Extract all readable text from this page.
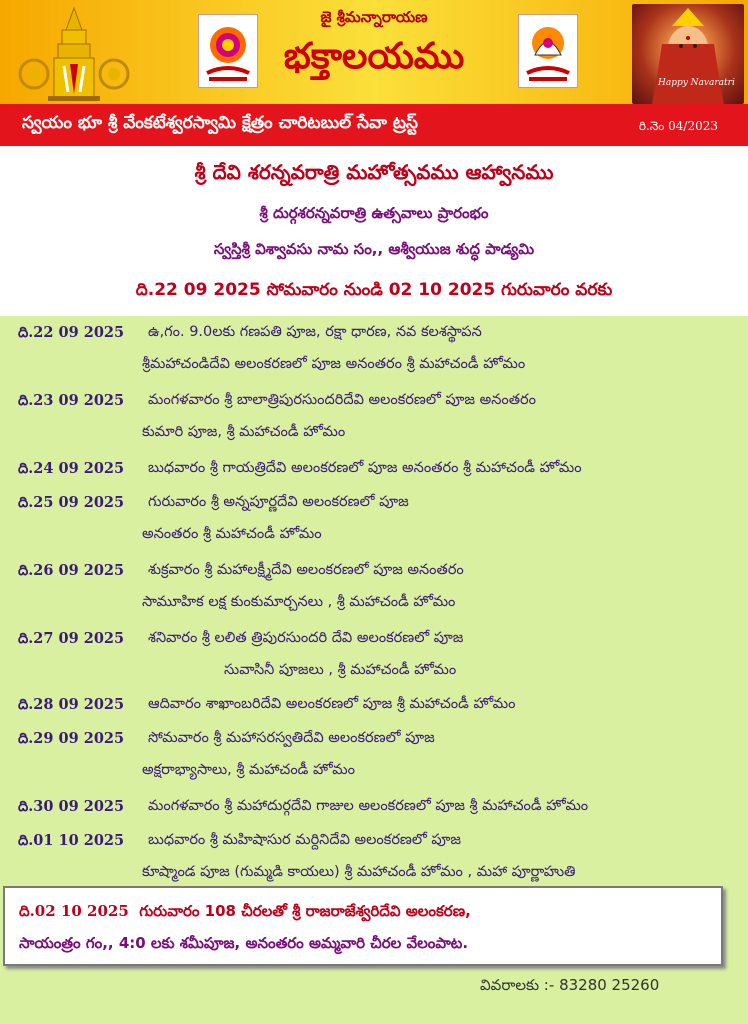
జై శ్రీమన్నారాయణ
భక్తాలయము
Happy Navaratri
స్వయం భూ శ్రీ వేంకటేశ్వరస్వామి క్షేత్రం చారిటబుల్ సేవా ట్రస్ట్	రి.నెం 04/2023
శ్రీ దేవి శరన్నవరాత్రి మహోత్సవము ఆహ్వానము
శ్రీ దుర్గశరన్నవరాత్రి ఉత్సవాలు ప్రారంభం
స్వస్తిశ్రీ విశ్వావసు నామ సం,, ఆశ్వీయుజ శుద్ధ పాడ్యమి
ది.22 09 2025 సోమవారం నుండి 02 10 2025 గురువారం వరకు
ది.22 09 2025 ఉ,గం. 9.0లకు గణపతి పూజ, రక్షా ధారణ, నవ కలశస్థాపన
శ్రీమహాచండిదేవి అలంకరణలో పూజ అనంతరం శ్రీ మహాచండీ హోమం
ది.23 09 2025 మంగళవారం శ్రీ బాలాత్రిపురసుందరిదేవి అలంకరణలో పూజ అనంతరం
కుమారి పూజ, శ్రీ మహాచండీ హోమం
ది.24 09 2025 బుధవారం శ్రీ గాయత్రిదేవి అలంకరణలో పూజ అనంతరం శ్రీ మహాచండీ హోమం
ది.25 09 2025 గురువారం శ్రీ అన్నపూర్ణదేవి అలంకరణలో పూజ
అనంతరం శ్రీ మహాచండీ హోమం
ది.26 09 2025 శుక్రవారం శ్రీ మహాలక్ష్మీదేవి అలంకరణలో పూజ అనంతరం
సామూహిక లక్ష కుంకుమార్చనలు , శ్రీ మహాచండీ హోమం
ది.27 09 2025 శనివారం శ్రీ లలిత త్రిపురసుందరి దేవి అలంకరణలో పూజ
సువాసినీ పూజలు , శ్రీ మహాచండీ హోమం
ది.28 09 2025 ఆదివారం శాఖాంబరిదేవి అలంకరణలో పూజ శ్రీ మహాచండీ హోమం
ది.29 09 2025 సోమవారం శ్రీ మహాసరస్వతిదేవి అలంకరణలో పూజ
అక్షరాభ్యాసాలు, శ్రీ మహాచండీ హోమం
ది.30 09 2025 మంగళవారం శ్రీ మహాదుర్గదేవి గాజుల అలంకరణలో పూజ శ్రీ మహాచండీ హోమం
ది.01 10 2025 బుధవారం శ్రీ మహిషాసుర మర్దినిదేవి అలంకరణలో పూజ
కూష్మాండ పూజ (గుమ్మడి కాయలు) శ్రీ మహాచండీ హోమం , మహా పూర్ణాహుతి
ది.02 10 2025 గురువారం 108 చీరలతో శ్రీ రాజరాజేశ్వరిదేవి అలంకరణ,
సాయంత్రం గం,, 4:0 లకు శమీపూజ, అనంతరం అమ్మవారి చీరల వేలంపాట.
వివరాలకు :- 83280 25260
